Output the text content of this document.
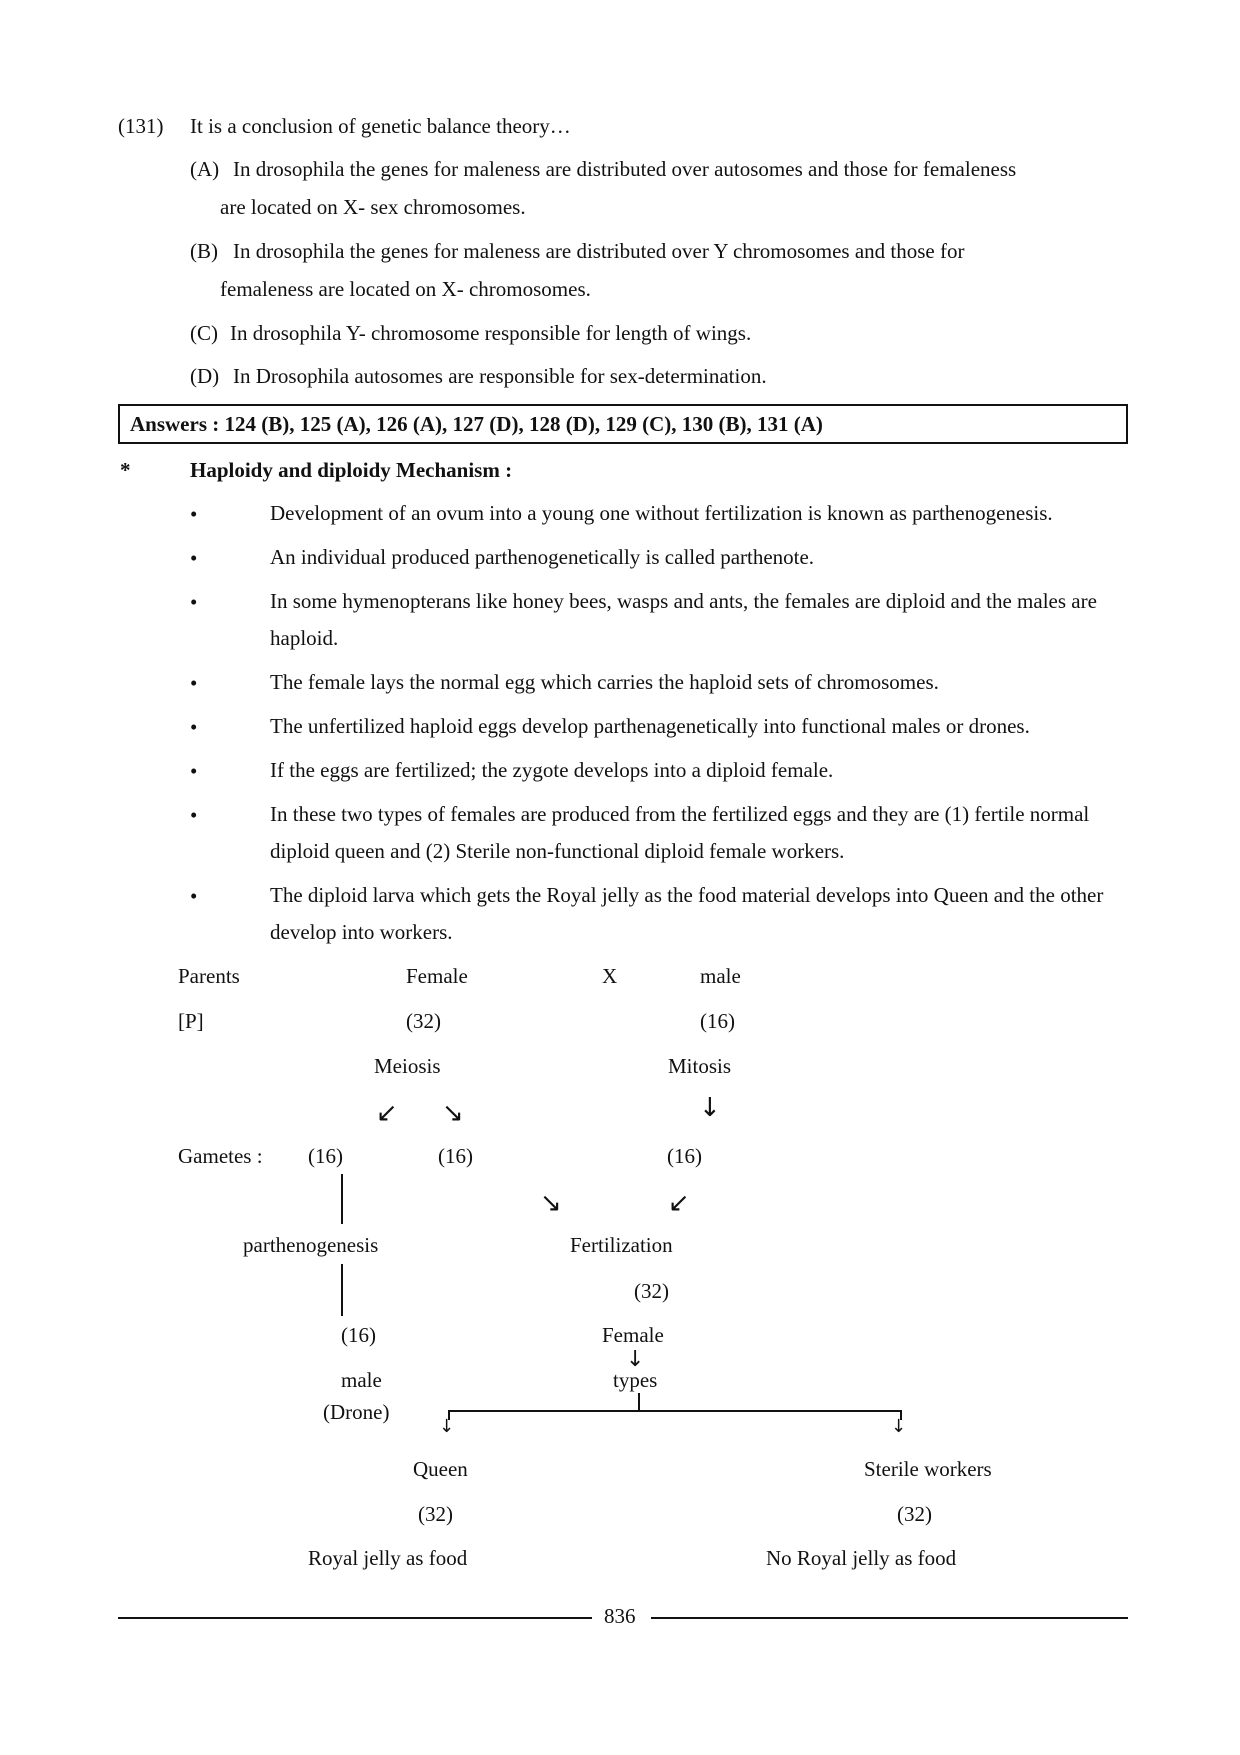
(131) It is a conclusion of genetic balance theory…
(A) In drosophila the genes for maleness are distributed over autosomes and those for femaleness
are located on X- sex chromosomes.
(B) In drosophila the genes for maleness are distributed over Y chromosomes and those for
femaleness are located on X- chromosomes.
(C) In drosophila Y- chromosome responsible for length of wings.
(D) In Drosophila autosomes are responsible for sex-determination.
Answers : 124 (B), 125 (A), 126 (A), 127 (D), 128 (D), 129 (C), 130 (B), 131 (A)
*	Haploidy and diploidy Mechanism :
•	Development of an ovum into a young one without fertilization is known as parthenogenesis.
•	An individual produced parthenogenetically is called parthenote.
•	In some hymenopterans like honey bees, wasps and ants, the females are diploid and the males are haploid.
•	The female lays the normal egg which carries the haploid sets of chromosomes.
•	The unfertilized haploid eggs develop parthenagenetically into functional males or drones.
•	If the eggs are fertilized; the zygote develops into a diploid female.
•	In these two types of females are produced from the fertilized eggs and they are (1) fertile normal diploid queen and (2) Sterile non-functional diploid female workers.
•	The diploid larva which gets the Royal jelly as the food material develops into Queen and the other develop into workers.
Parents	Female	X	male
[P]	(32)	(16)
Meiosis	Mitosis
↙ ↘	↓
Gametes : (16)	(16)	(16)
↘	↙
parthenogenesis	Fertilization
(32)
(16)	Female
↓
male	types
(Drone)
↓	↓
Queen	Sterile workers
(32)	(32)
Royal jelly as food	No Royal jelly as food
836
